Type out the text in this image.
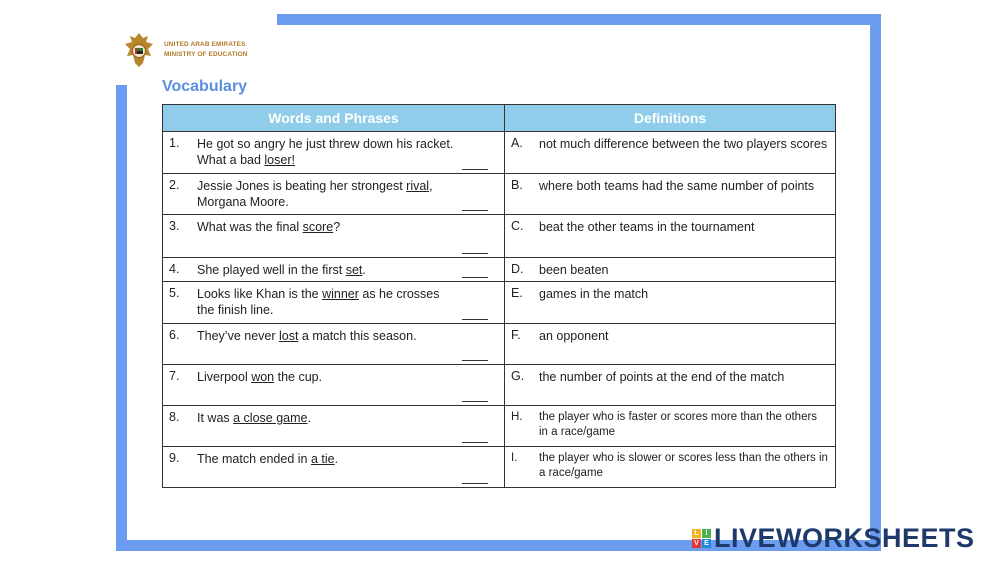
UNITED ARAB EMIRATES
MINISTRY OF EDUCATION
Vocabulary
Words and Phrases	Definitions

1. He got so angry he just threw down his racket. What a bad loser!	A. not much difference between the two players scores

2. Jessie Jones is beating her strongest rival, Morgana Moore.	B. where both teams had the same number of points

3. What was the final score?	C. beat the other teams in the tournament

4. She played well in the first set.	D. been beaten

5. Looks like Khan is the winner as he crosses the finish line.	E. games in the match

6. They’ve never lost a match this season.	F. an opponent

7. Liverpool won the cup.	G. the number of points at the end of the match

8. It was a close game.	H. the player who is faster or scores more than the others in a race/game

9. The match ended in a tie.	I. the player who is slower or scores less than the others in a race/game
L I
V E LIVEWORKSHEETS
